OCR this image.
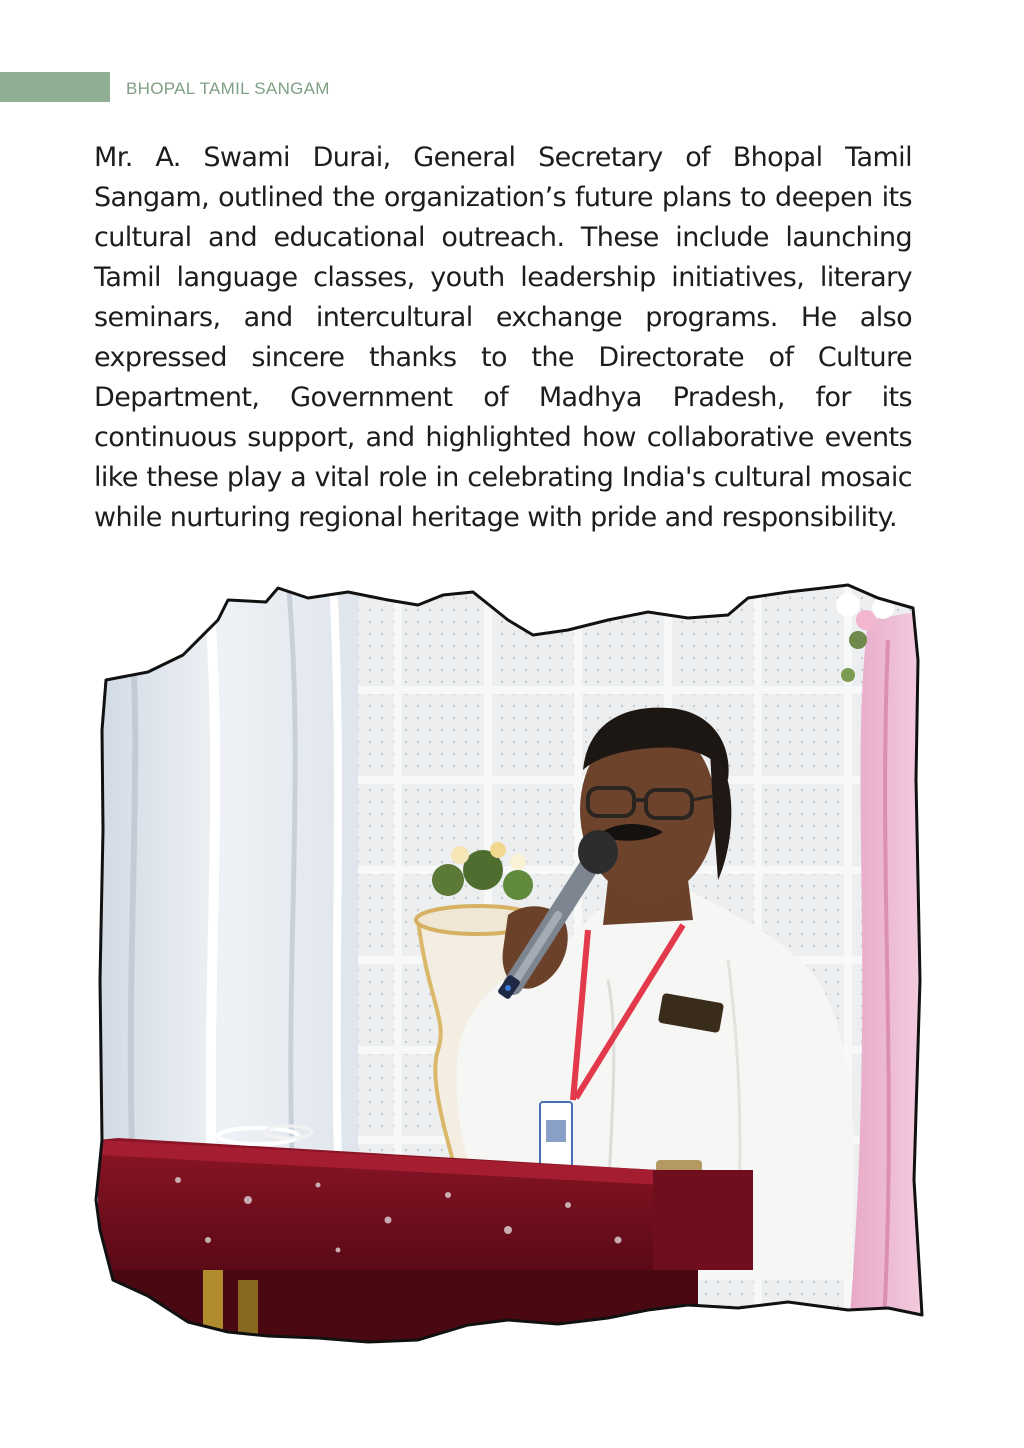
BHOPAL TAMIL SANGAM

Mr. A. Swami Durai, General Secretary of Bhopal Tamil Sangam, outlined the organization’s future plans to deepen its cultural and educational outreach. These include launching Tamil language classes, youth leadership initiatives, literary seminars, and intercultural exchange programs. He also expressed sincere thanks to the Directorate of Culture Department, Government of Madhya Pradesh, for its continuous support, and highlighted how collaborative events like these play a vital role in celebrating India's cultural mosaic while nurturing regional heritage with pride and responsibility.
